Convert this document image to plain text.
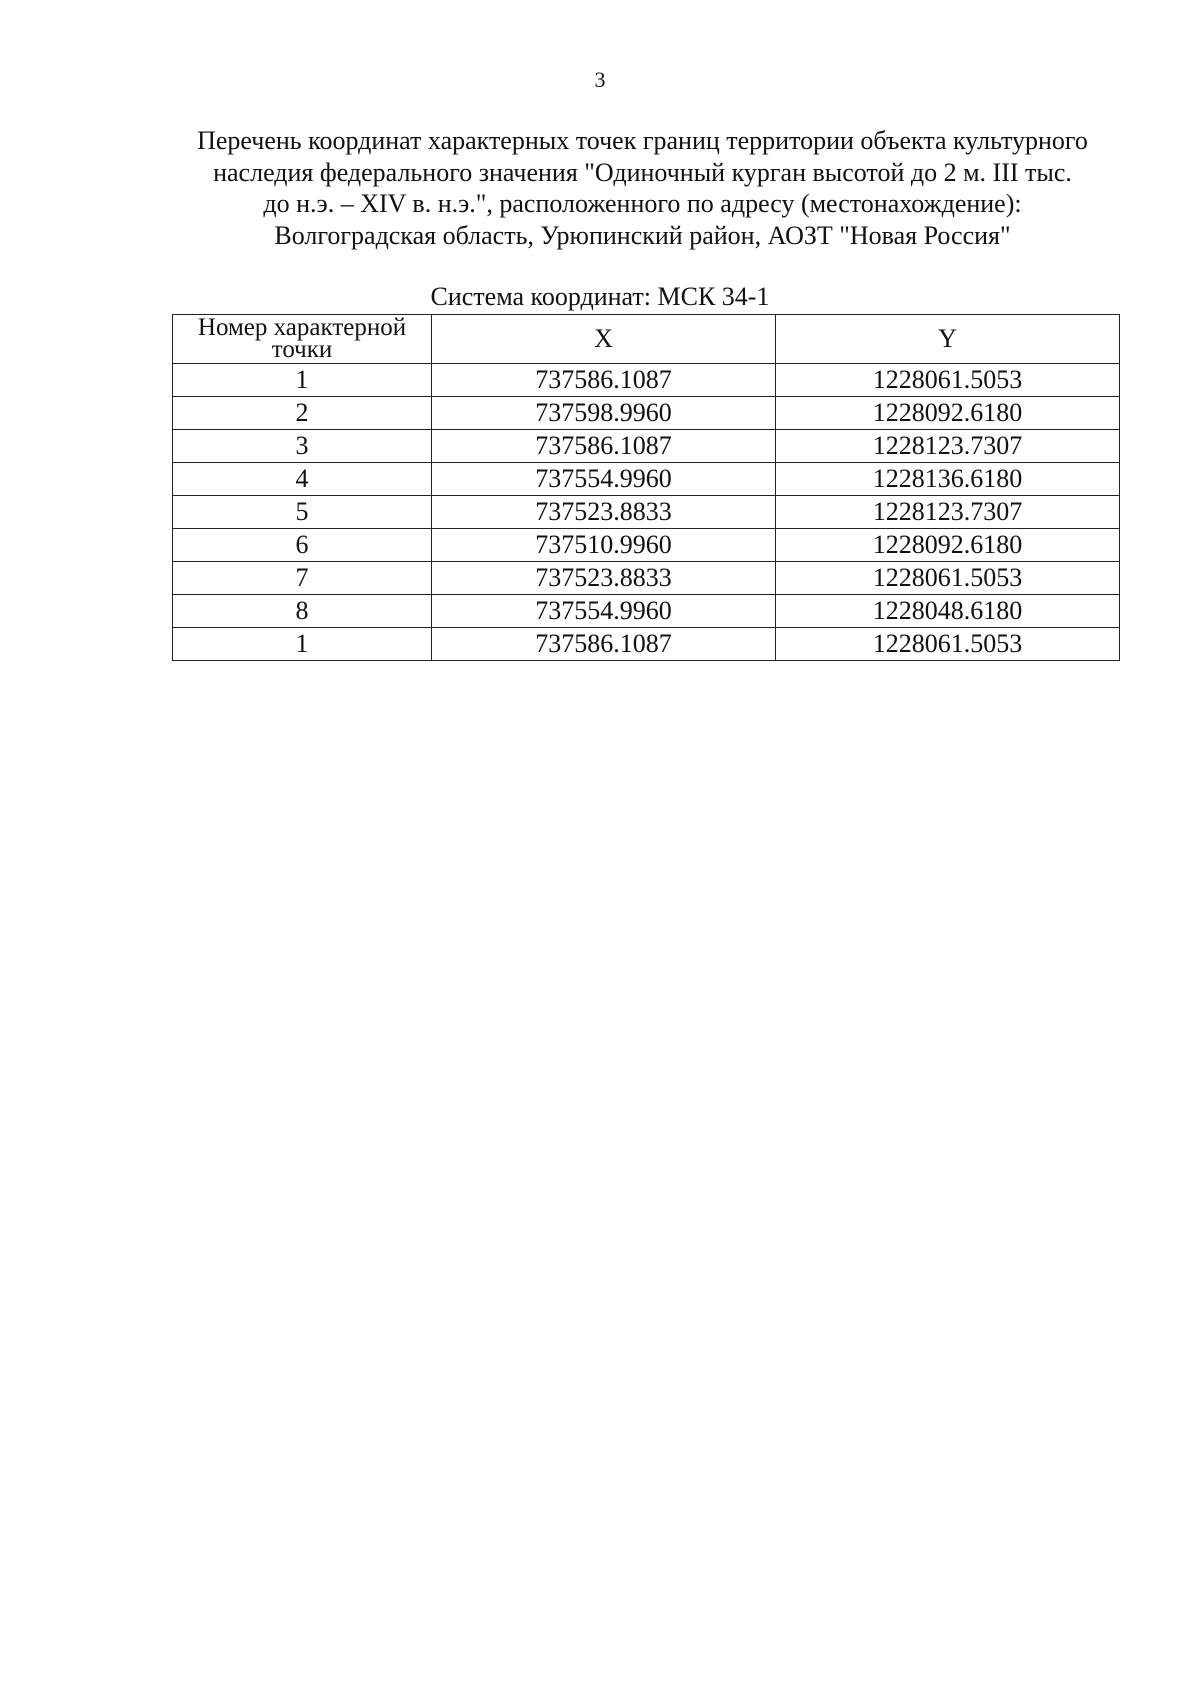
3
Перечень координат характерных точек границ территории объекта культурного
наследия федерального значения "Одиночный курган высотой до 2 м. III тыс.
до н.э. – XIV в. н.э.", расположенного по адресу (местонахождение):
Волгоградская область, Урюпинский район, АОЗТ "Новая Россия"
Система координат: МСК 34-1
Номер характерной
точки	X	Y
1	737586.1087	1228061.5053
2	737598.9960	1228092.6180
3	737586.1087	1228123.7307
4	737554.9960	1228136.6180
5	737523.8833	1228123.7307
6	737510.9960	1228092.6180
7	737523.8833	1228061.5053
8	737554.9960	1228048.6180
1	737586.1087	1228061.5053
